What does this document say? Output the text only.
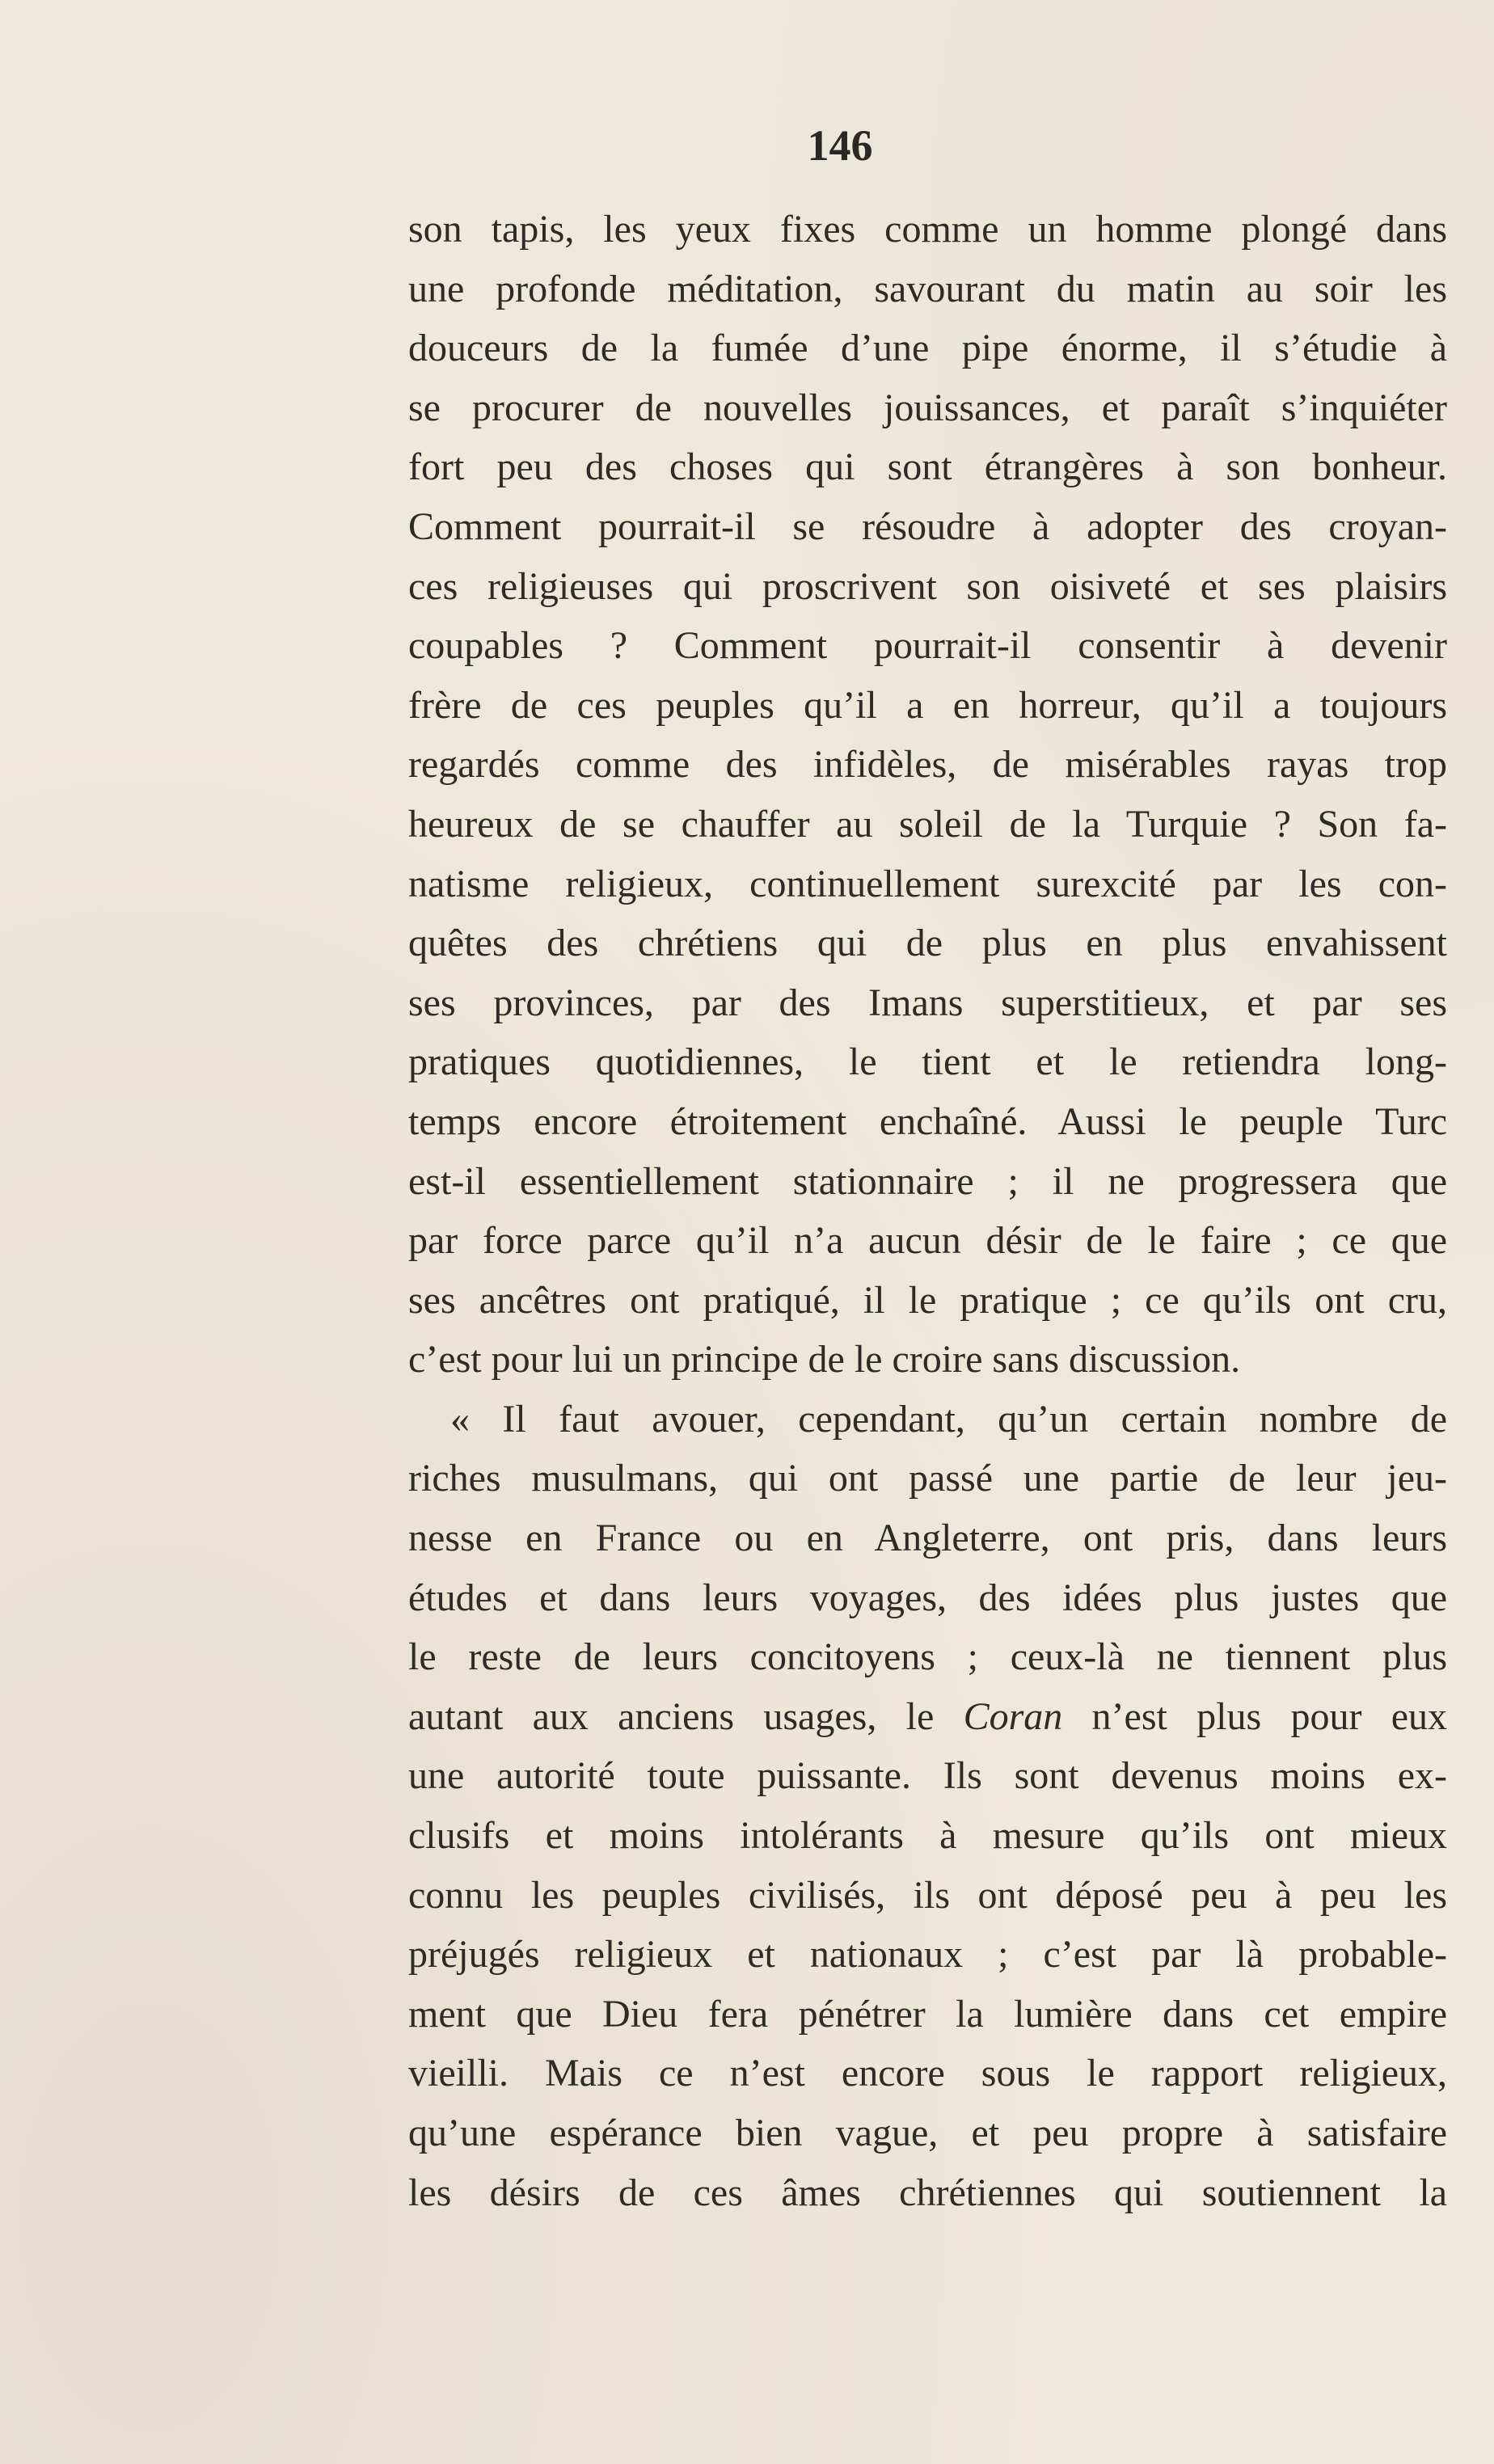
146
son tapis, les yeux fixes comme un homme plongé dans
une profonde méditation, savourant du matin au soir les
douceurs de la fumée d’une pipe énorme, il s’étudie à
se procurer de nouvelles jouissances, et paraît s’inquiéter
fort peu des choses qui sont étrangères à son bonheur.
Comment pourrait-il se résoudre à adopter des croyan-
ces religieuses qui proscrivent son oisiveté et ses plaisirs
coupables ? Comment pourrait-il consentir à devenir
frère de ces peuples qu’il a en horreur, qu’il a toujours
regardés comme des infidèles, de misérables rayas trop
heureux de se chauffer au soleil de la Turquie ? Son fa-
natisme religieux, continuellement surexcité par les con-
quêtes des chrétiens qui de plus en plus envahissent
ses provinces, par des Imans superstitieux, et par ses
pratiques quotidiennes, le tient et le retiendra long-
temps encore étroitement enchaîné. Aussi le peuple Turc
est-il essentiellement stationnaire ; il ne progressera que
par force parce qu’il n’a aucun désir de le faire ; ce que
ses ancêtres ont pratiqué, il le pratique ; ce qu’ils ont cru,
c’est pour lui un principe de le croire sans discussion.
« Il faut avouer, cependant, qu’un certain nombre de
riches musulmans, qui ont passé une partie de leur jeu-
nesse en France ou en Angleterre, ont pris, dans leurs
études et dans leurs voyages, des idées plus justes que
le reste de leurs concitoyens ; ceux-là ne tiennent plus
autant aux anciens usages, le Coran n’est plus pour eux
une autorité toute puissante. Ils sont devenus moins ex-
clusifs et moins intolérants à mesure qu’ils ont mieux
connu les peuples civilisés, ils ont déposé peu à peu les
préjugés religieux et nationaux ; c’est par là probable-
ment que Dieu fera pénétrer la lumière dans cet empire
vieilli. Mais ce n’est encore sous le rapport religieux,
qu’une espérance bien vague, et peu propre à satisfaire
les désirs de ces âmes chrétiennes qui soutiennent la
